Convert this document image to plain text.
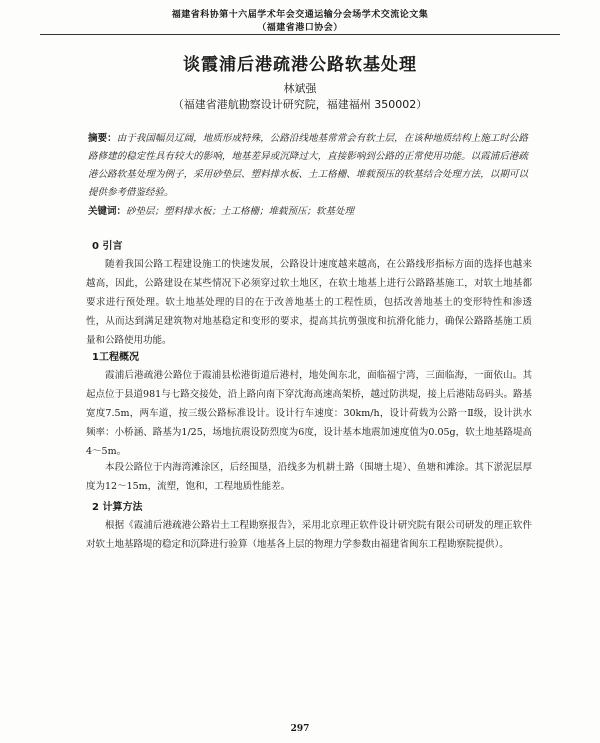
福建省科协第十六届学术年会交通运输分会场学术交流论文集
（福建省港口协会）
谈霞浦后港疏港公路软基处理
林斌强
（福建省港航勘察设计研究院，福建福州 350002）
摘要：由于我国幅员辽阔，地质形成特殊，公路沿线地基常常会有软土层，在该种地质结构上施工时公路路修建的稳定性具有较大的影响，地基差异或沉降过大，直接影响到公路的正常使用功能。以霞浦后港疏港公路软基处理为例子，采用砂垫层、塑料排水板、土工格栅、堆载预压的软基结合处理方法，以期可以提供参考借鉴经验。
关键词：砂垫层；塑料排水板；土工格栅；堆载预压；软基处理
0 引言
随着我国公路工程建设施工的快速发展，公路设计速度越来越高，在公路线形指标方面的选择也越来越高，因此，公路建设在某些情况下必须穿过软土地区，在软土地基上进行公路路基施工，对软土地基都要求进行预处理。软土地基处理的目的在于改善地基土的工程性质，包括改善地基土的变形特性和渗透性，从而达到满足建筑物对地基稳定和变形的要求，提高其抗剪强度和抗滑化能力，确保公路路基施工质量和公路使用功能。
1工程概况
霞浦后港疏港公路位于霞浦县松港街道后港村，地处闽东北，面临福宁湾，三面临海，一面依山。其起点位于县道981与七路交接处，沿上路向南下穿沈海高速高架桥，越过防洪堤，接上后港陆岛码头。路基宽度7.5m，两车道，按三级公路标准设计。设计行车速度：30km/h，设计荷载为公路一Ⅱ级，设计洪水频率：小桥涵、路基为1/25，场地抗震设防烈度为6度，设计基本地震加速度值为0.05g，软土地基路堤高4～5m。
本段公路位于内海湾滩涂区，后经围垦，沿线多为机耕土路（围塘土堤）、鱼塘和滩涂。其下淤泥层厚度为12～15m，流塑，饱和，工程地质性能差。
2 计算方法
根据《霞浦后港疏港公路岩土工程勘察报告》，采用北京理正软件设计研究院有限公司研发的理正软件对软土地基路堤的稳定和沉降进行验算（地基各上层的物理力学参数由福建省闽东工程勘察院提供）。
297
